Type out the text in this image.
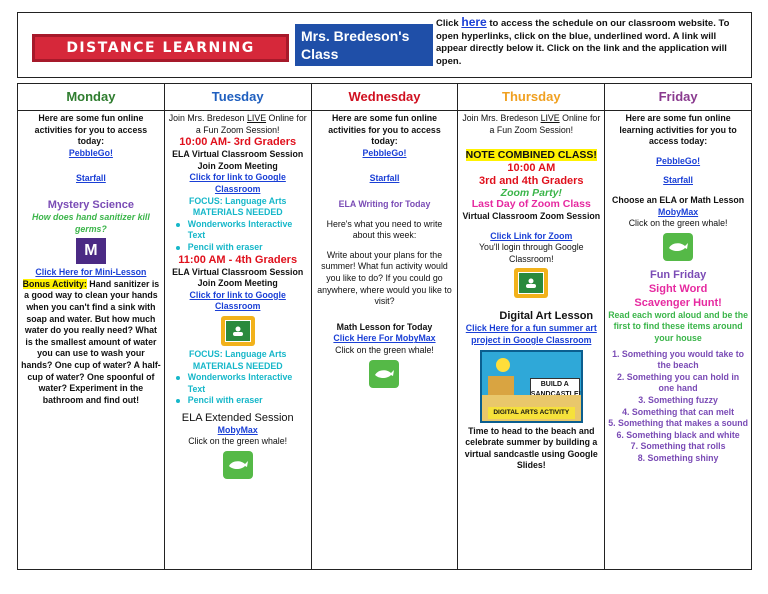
DISTANCE LEARNING PLANS
Mrs. Bredeson's Class
Week of: June 1, 2020
Click here to access the schedule on our classroom website. To open hyperlinks, click on the blue, underlined word. A link will appear directly below it. Click on the link and the application will open.
Monday

Here are some fun online activities for you to access today:

PebbleGo!

Starfall

Mystery Science

How does hand sanitizer kill germs?

M

Click Here for Mini-Lesson

Bonus Activity: Hand sanitizer is a good way to clean your hands when you can't find a sink with soap and water. But how much water do you really need? What is the smallest amount of water you can use to wash your hands? One cup of water? A half-cup of water? One spoonful of water? Experiment in the bathroom and find out!

Tuesday

Join Mrs. Bredeson LIVE Online for a Fun Zoom Session!

10:00 AM- 3rd Graders

ELA Virtual Classroom Session

Join Zoom Meeting

Click for link to Google Classroom

FOCUS: Language Arts

MATERIALS NEEDED

Wonderworks Interactive Text
Pencil with eraser

11:00 AM - 4th Graders

ELA Virtual Classroom Session

Join Zoom Meeting

Click for link to Google Classroom

FOCUS: Language Arts

MATERIALS NEEDED

Wonderworks Interactive Text
Pencil with eraser

ELA Extended Session

MobyMax

Click on the green whale!

Wednesday

Here are some fun online activities for you to access today:

PebbleGo!

Starfall

ELA Writing for Today

Here's what you need to write about this week:

Write about your plans for the summer! What fun activity would you like to do? If you could go anywhere, where would you like to visit?

Math Lesson for Today

Click Here For MobyMax

Click on the green whale!

Thursday

Join Mrs. Bredeson LIVE Online for a Fun Zoom Session!

NOTE COMBINED CLASS!

10:00 AM

3rd and 4th Graders

Zoom Party!

Last Day of Zoom Class

Virtual Classroom Zoom Session

Click Link for Zoom

You'll login through Google Classroom!

Digital Art Lesson

Click Here for a fun summer art project in Google Classroom

BUILD A
DIGITAL ARTS ACTIVITY

Time to head to the beach and celebrate summer by building a virtual sandcastle using Google Slides!

Friday

Here are some fun online learning activities for you to access today:

PebbleGo!

Starfall

Choose an ELA or Math Lesson

MobyMax

Click on the green whale!

Fun Friday

Sight Word

Scavenger Hunt!

Read each word aloud and be the first to find these items around your house

1. Something you would take to the beach
2. Something you can hold in one hand
3. Something fuzzy
4. Something that can melt
5. Something that makes a sound
6. Something black and white
7. Something that rolls
8. Something shiny
